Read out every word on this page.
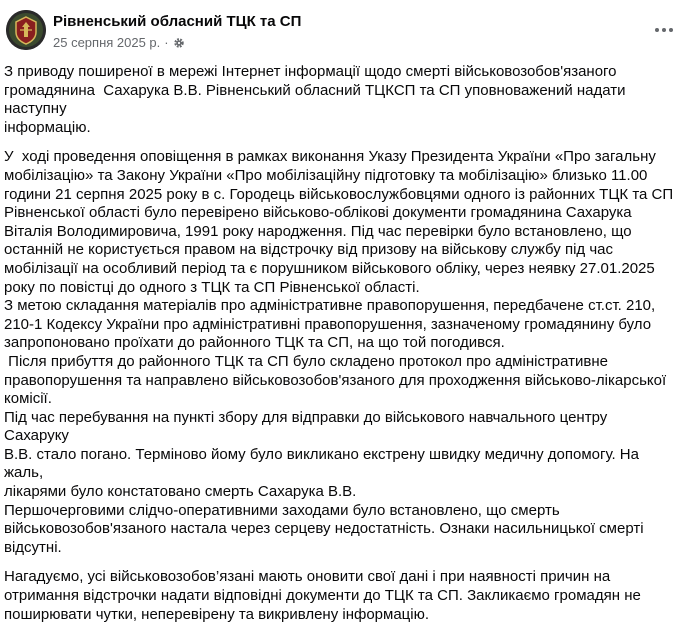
Рівненський обласний ТЦК та СП
25 серпня 2025 р. ·

З приводу поширеної в мережі Інтернет інформації щодо смерті військовозобов'язаного
громадянина  Сахарука В.В. Рівненський обласний ТЦКСП та СП уповноважений надати наступну
інформацію.

У  ході проведення оповіщення в рамках виконання Указу Президента України «Про загальну
мобілізацію» та Закону України «Про мобілізаційну підготовку та мобілізацію» близько 11.00
години 21 серпня 2025 року в с. Городець військовослужбовцями одного із районних ТЦК та СП
Рівненської області було перевірено військово-облікові документи громадянина Сахарука
Віталія Володимировича, 1991 року народження. Під час перевірки було встановлено, що
останній не користується правом на відстрочку від призову на військову службу під час
мобілізації на особливий період та є порушником військового обліку, через неявку 27.01.2025
року по повістці до одного з ТЦК та СП Рівненської області.
З метою складання матеріалів про адміністративне правопорушення, передбачене ст.ст. 210,
210-1 Кодексу України про адміністративні правопорушення, зазначеному громадянину було
запропоновано проїхати до районного ТЦК та СП, на що той погодився.
Після прибуття до районного ТЦК та СП було складено протокол про адміністративне
правопорушення та направлено військовозобов'язаного для проходження військово-лікарської
комісії.
Під час перебування на пункті збору для відправки до військового навчального центру Сахаруку
В.В. стало погано. Терміново йому було викликано екстрену швидку медичну допомогу. На жаль,
лікарями було констатовано смерть Сахарука В.В.
Першочерговими слідчо-оперативними заходами було встановлено, що смерть
військовозобов'язаного настала через серцеву недостатність. Ознаки насильницької смерті
відсутні.

Нагадуємо, усі військовозобов’язані мають оновити свої дані і при наявності причин на
отримання відстрочки надати відповідні документи до ТЦК та СП. Закликаємо громадян не
поширювати чутки, неперевірену та викривлену інформацію.
